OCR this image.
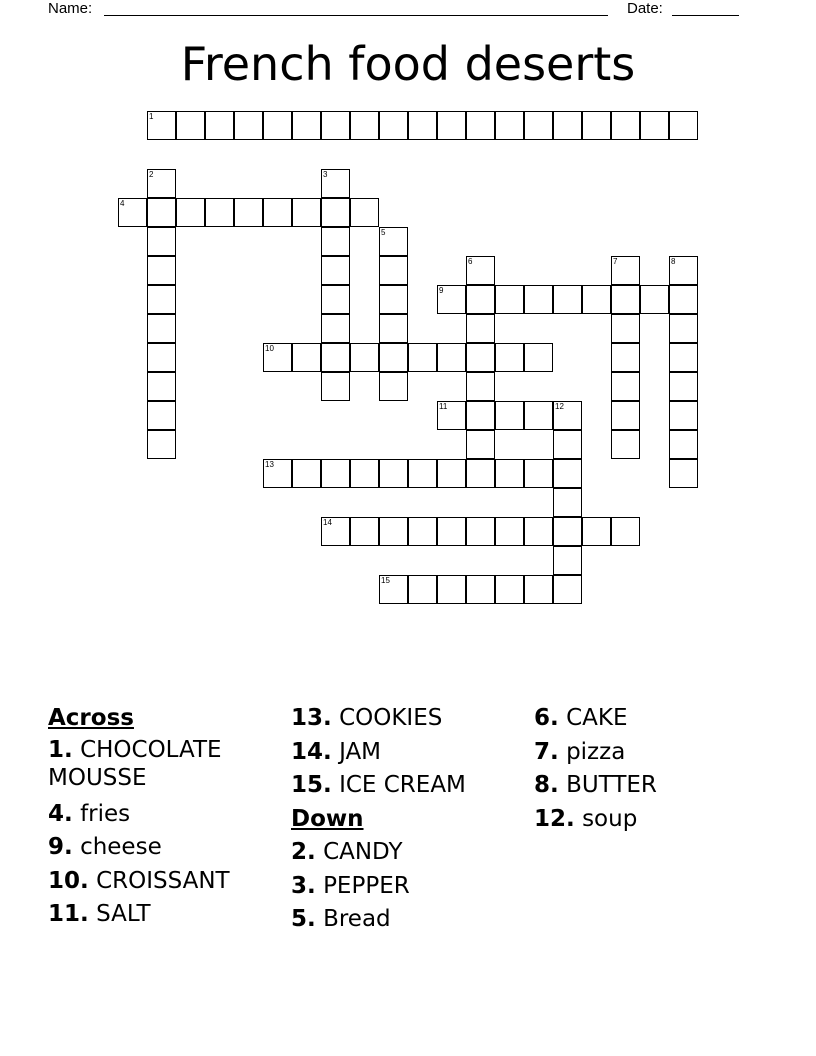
Name:	Date:
French food deserts
1
2	3
4
5
6	7	8
9
10
11	12
13
14
15
Across
1. CHOCOLATE MOUSSE
4. fries
9. cheese
10. CROISSANT
11. SALT
13. COOKIES
14. JAM
15. ICE CREAM
Down
2. CANDY
3. PEPPER
5. Bread
6. CAKE
7. pizza
8. BUTTER
12. soup
